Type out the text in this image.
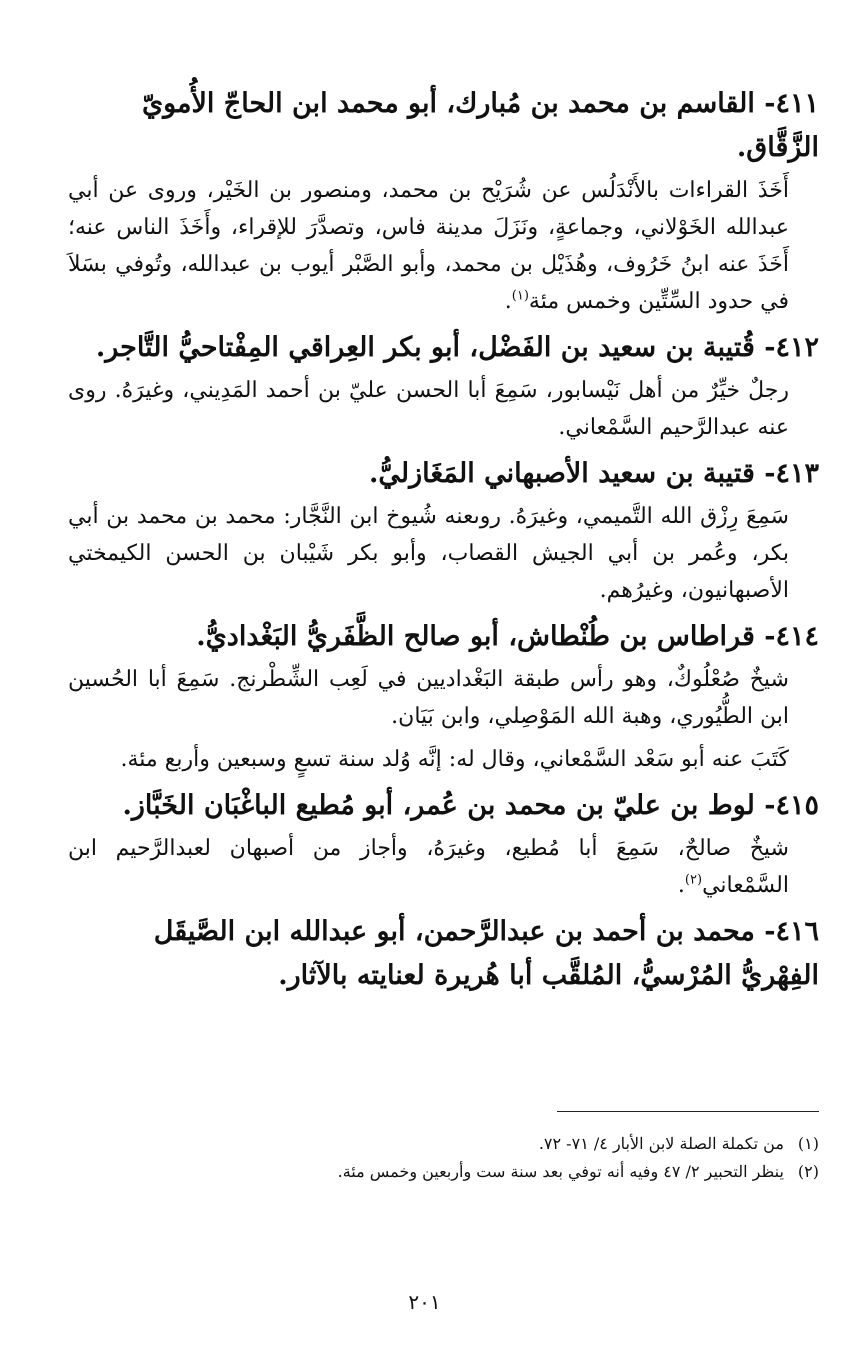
٤١١- القاسم بن محمد بن مُبارك، أبو محمد ابن الحاجّ الأُمويّ الزَّقَّاق.

أَخَذَ القراءات بالأَنْدَلُس عن شُرَيْح بن محمد، ومنصور بن الخَيْر، وروى عن أبي عبدالله الخَوْلاني، وجماعةٍ، ونَزَلَ مدينة فاس، وتصدَّرَ للإقراء، وأَخَذَ الناس عنه؛ أَخَذَ عنه ابنُ خَرُوف، وهُذَيْل بن محمد، وأبو الصَّبْر أيوب بن عبدالله، وتُوفي بسَلاَ في حدود السِّتِّين وخمس مئة$^{(١)}$.

٤١٢- قُتيبة بن سعيد بن الفَضْل، أبو بكر العِراقي المِفْتاحيُّ التَّاجر.

رجلٌ خيِّرٌ من أهل نَيْسابور، سَمِعَ أبا الحسن عليّ بن أحمد المَدِيني، وغيرَهُ. روى عنه عبدالرَّحيم السَّمْعاني.

٤١٣- قتيبة بن سعيد الأصبهاني المَغَازليُّ.

سَمِعَ رِزْق الله التَّميمي، وغيرَهُ. روىعنه شُيوخ ابن النَّجَّار: محمد بن محمد بن أبي بكر، وعُمر بن أبي الجيش القصاب، وأبو بكر شَيْبان بن الحسن الكيمختي الأصبهانيون، وغيرُهم.

٤١٤- قراطاس بن طُنْطاش، أبو صالح الظَّفَريُّ البَغْداديُّ.

شيخٌ صُعْلُوكٌ، وهو رأس طبقة البَغْداديين في لَعِب الشِّطْرنج. سَمِعَ أبا الحُسين ابن الطُّيُوري، وهبة الله المَوْصِلي، وابن بَيَان.

كَتَبَ عنه أبو سَعْد السَّمْعاني، وقال له: إنَّه وُلد سنة تسعٍ وسبعين وأربع مئة.

٤١٥- لوط بن عليّ بن محمد بن عُمر، أبو مُطيع الباغْبَان الخَبَّاز.

شيخٌ صالحٌ، سَمِعَ أبا مُطيع، وغيرَهُ، وأجاز من أصبهان لعبدالرَّحيم ابن السَّمْعاني$^{(٢)}$.

٤١٦- محمد بن أحمد بن عبدالرَّحمن، أبو عبدالله ابن الصَّيقَل الفِهْريُّ المُرْسيُّ، المُلقَّب أبا هُريرة لعنايته بالآثار.

(١)من تكملة الصلة لابن الأبار ٤/ ٧١- ٧٢.

(٢)ينظر التحبير ٢/ ٤٧ وفيه أنه توفي بعد سنة ست وأربعين وخمس مئة.

٢٠١
